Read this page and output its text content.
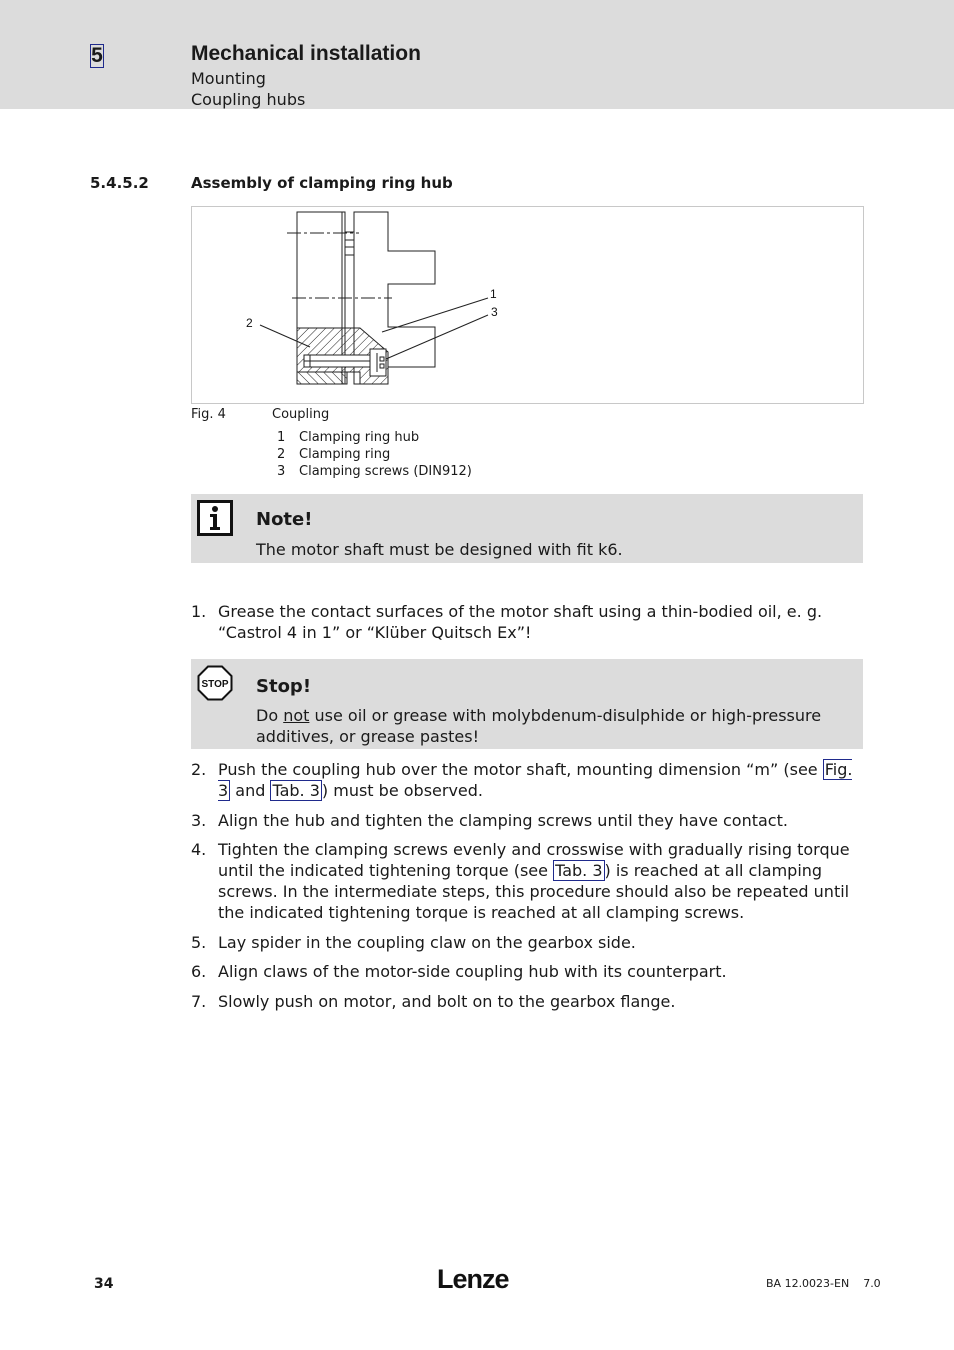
5	Mechanical installation
Mounting
Coupling hubs
5.4.5.2	Assembly of clamping ring hub
1
3
2
Fig. 4	Coupling
1 Clamping ring hub
2 Clamping ring
3 Clamping screws (DIN912)
Note!
The motor shaft must be designed with fit k6.
1. Grease the contact surfaces of the motor shaft using a thin-bodied oil, e. g. “Castrol 4 in 1” or “Klüber Quitsch Ex”!
STOP Stop!
Do not use oil or grease with molybdenum-disulphide or high-pressure additives, or grease pastes!
2. Push the coupling hub over the motor shaft, mounting dimension “m” (see Fig. 3 and Tab. 3 ) must be observed.
3. Align the hub and tighten the clamping screws until they have contact.
4. Tighten the clamping screws evenly and crosswise with gradually rising torque until the indicated tightening torque (see Tab. 3 ) is reached at all clamping screws. In the intermediate steps, this procedure should also be repeated until the indicated tightening torque is reached at all clamping screws.
5. Lay spider in the coupling claw on the gearbox side.
6. Align claws of the motor-side coupling hub with its counterpart.
7. Slowly push on motor, and bolt on to the gearbox flange.
34	Lenze	BA 12.0023-EN    7.0
